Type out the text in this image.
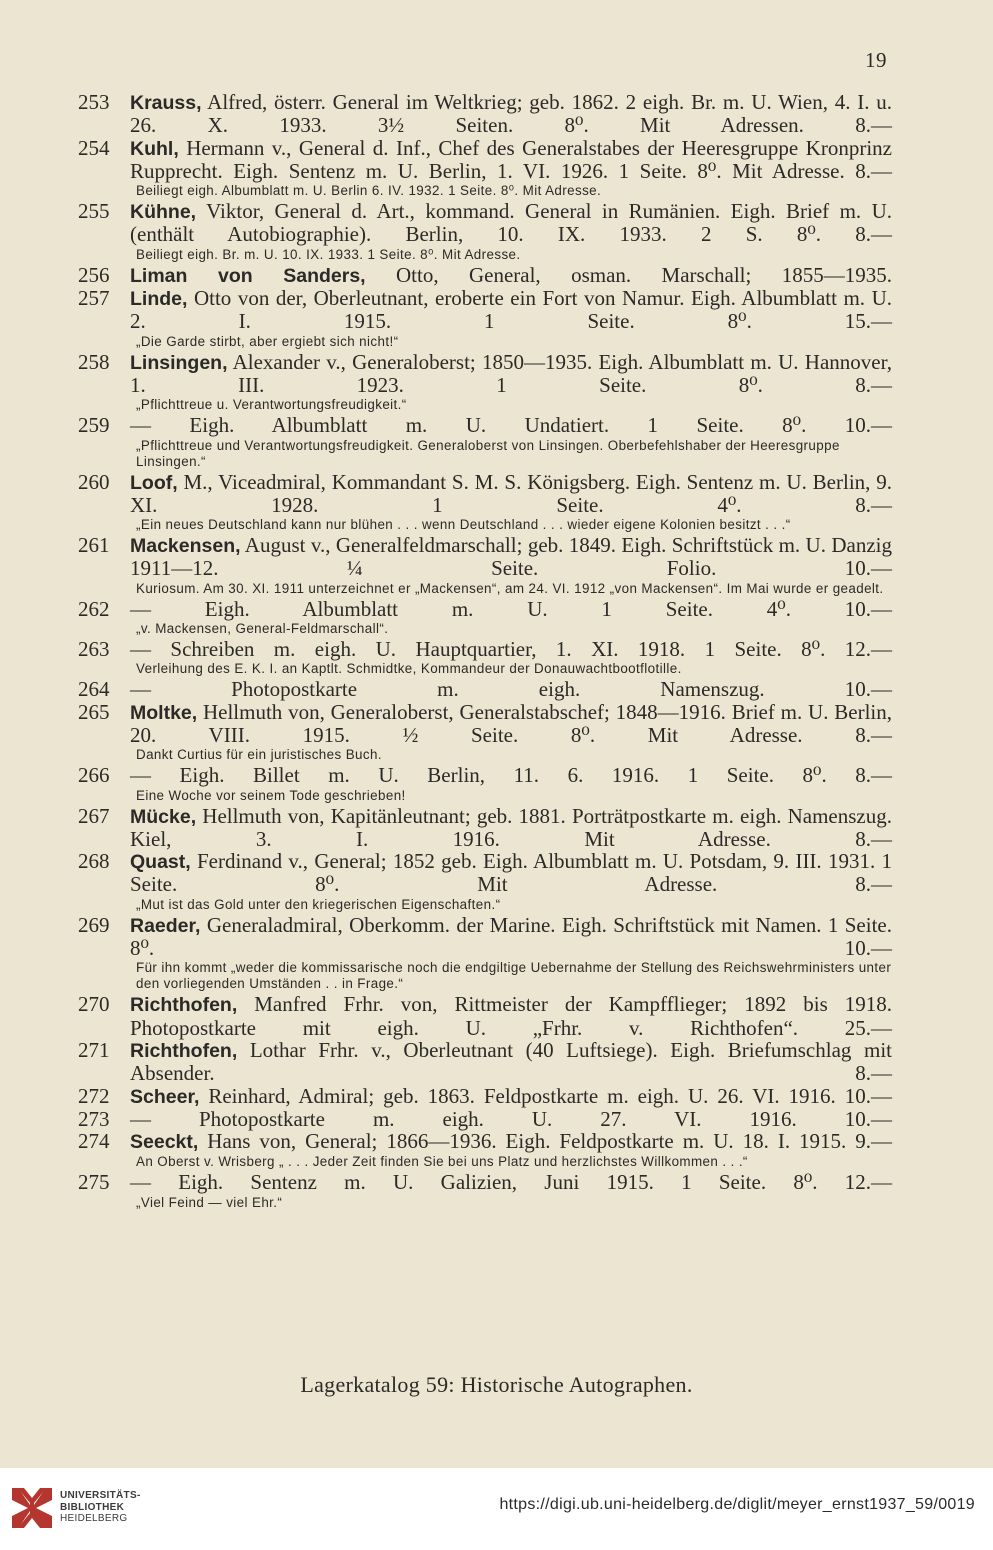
19
253	Krauss, Alfred, österr. General im Weltkrieg; geb. 1862. 2 eigh. Br. m. U. Wien, 4. I. u. 26. X. 1933. 3½ Seiten. 8⁰. Mit Adressen. 8.—
254	Kuhl, Hermann v., General d. Inf., Chef des Generalstabes der Heeresgruppe Kronprinz Rupprecht. Eigh. Sentenz m. U. Berlin, 1. VI. 1926. 1 Seite. 8⁰. Mit Adresse. 8.—
Beiliegt eigh. Albumblatt m. U. Berlin 6. IV. 1932. 1 Seite. 8⁰. Mit Adresse.
255	Kühne, Viktor, General d. Art., kommand. General in Rumänien. Eigh. Brief m. U. (enthält Autobiographie). Berlin, 10. IX. 1933. 2 S. 8⁰. 8.—
Beiliegt eigh. Br. m. U. 10. IX. 1933. 1 Seite. 8⁰. Mit Adresse.
256	Liman von Sanders, Otto, General, osman. Marschall; 1855—1935.
257	Linde, Otto von der, Oberleutnant, eroberte ein Fort von Namur. Eigh. Albumblatt m. U. 2. I. 1915. 1 Seite. 8⁰. 15.—
„Die Garde stirbt, aber ergiebt sich nicht!“
258	Linsingen, Alexander v., Generaloberst; 1850—1935. Eigh. Albumblatt m. U. Hannover, 1. III. 1923. 1 Seite. 8⁰. 8.—
„Pflichttreue u. Verantwortungsfreudigkeit.“
259 — Eigh. Albumblatt m. U. Undatiert. 1 Seite. 8⁰. 10.—
„Pflichttreue und Verantwortungsfreudigkeit. Generaloberst von Linsingen. Oberbefehlshaber der Heeresgruppe Linsingen.“
260	Loof, M., Viceadmiral, Kommandant S. M. S. Königsberg. Eigh. Sentenz m. U. Berlin, 9. XI. 1928. 1 Seite. 4⁰. 8.—
„Ein neues Deutschland kann nur blühen . . . wenn Deutschland . . . wieder eigene Kolonien besitzt . . .“
261	Mackensen, August v., Generalfeldmarschall; geb. 1849. Eigh. Schriftstück m. U. Danzig 1911—12. ¼ Seite. Folio. 10.—
Kuriosum. Am 30. XI. 1911 unterzeichnet er „Mackensen“, am 24. VI. 1912 „von Mackensen“. Im Mai wurde er geadelt.
262 — Eigh. Albumblatt m. U. 1 Seite. 4⁰. 10.—
„v. Mackensen, General-Feldmarschall“.
263 — Schreiben m. eigh. U. Hauptquartier, 1. XI. 1918. 1 Seite. 8⁰. 12.—
Verleihung des E. K. I. an Kaptlt. Schmidtke, Kommandeur der Donauwachtbootflotille.
264 — Photopostkarte m. eigh. Namenszug. 10.—
265	Moltke, Hellmuth von, Generaloberst, Generalstabschef; 1848—1916. Brief m. U. Berlin, 20. VIII. 1915. ½ Seite. 8⁰. Mit Adresse. 8.—
Dankt Curtius für ein juristisches Buch.
266 — Eigh. Billet m. U. Berlin, 11. 6. 1916. 1 Seite. 8⁰. 8.—
Eine Woche vor seinem Tode geschrieben!
267	Mücke, Hellmuth von, Kapitänleutnant; geb. 1881. Porträtpostkarte m. eigh. Namenszug. Kiel, 3. I. 1916. Mit Adresse. 8.—
268	Quast, Ferdinand v., General; 1852 geb. Eigh. Albumblatt m. U. Potsdam, 9. III. 1931. 1 Seite. 8⁰. Mit Adresse. 8.—
„Mut ist das Gold unter den kriegerischen Eigenschaften.“
269	Raeder, Generaladmiral, Oberkomm. der Marine. Eigh. Schriftstück mit Namen. 1 Seite. 8⁰. 10.—
Für ihn kommt „weder die kommissarische noch die endgiltige Uebernahme der Stellung des Reichswehrministers unter den vorliegenden Umständen . . in Frage.“
270	Richthofen, Manfred Frhr. von, Rittmeister der Kampfflieger; 1892 bis 1918. Photopostkarte mit eigh. U. „Frhr. v. Richthofen“. 25.—
271	Richthofen, Lothar Frhr. v., Oberleutnant (40 Luftsiege). Eigh. Briefumschlag mit Absender. 8.—
272	Scheer, Reinhard, Admiral; geb. 1863. Feldpostkarte m. eigh. U. 26. VI. 1916. 10.—
273 — Photopostkarte m. eigh. U. 27. VI. 1916. 10.—
274	Seeckt, Hans von, General; 1866—1936. Eigh. Feldpostkarte m. U. 18. I. 1915. 9.—
An Oberst v. Wrisberg „ . . . Jeder Zeit finden Sie bei uns Platz und herzlichstes Willkommen . . .“
275 — Eigh. Sentenz m. U. Galizien, Juni 1915. 1 Seite. 8⁰. 12.—
„Viel Feind — viel Ehr.“
Lagerkatalog 59: Historische Autographen.
UNIVERSITÄTS-
BIBLIOTHEK
HEIDELBERG
https://digi.ub.uni-heidelberg.de/diglit/meyer_ernst1937_59/0019
